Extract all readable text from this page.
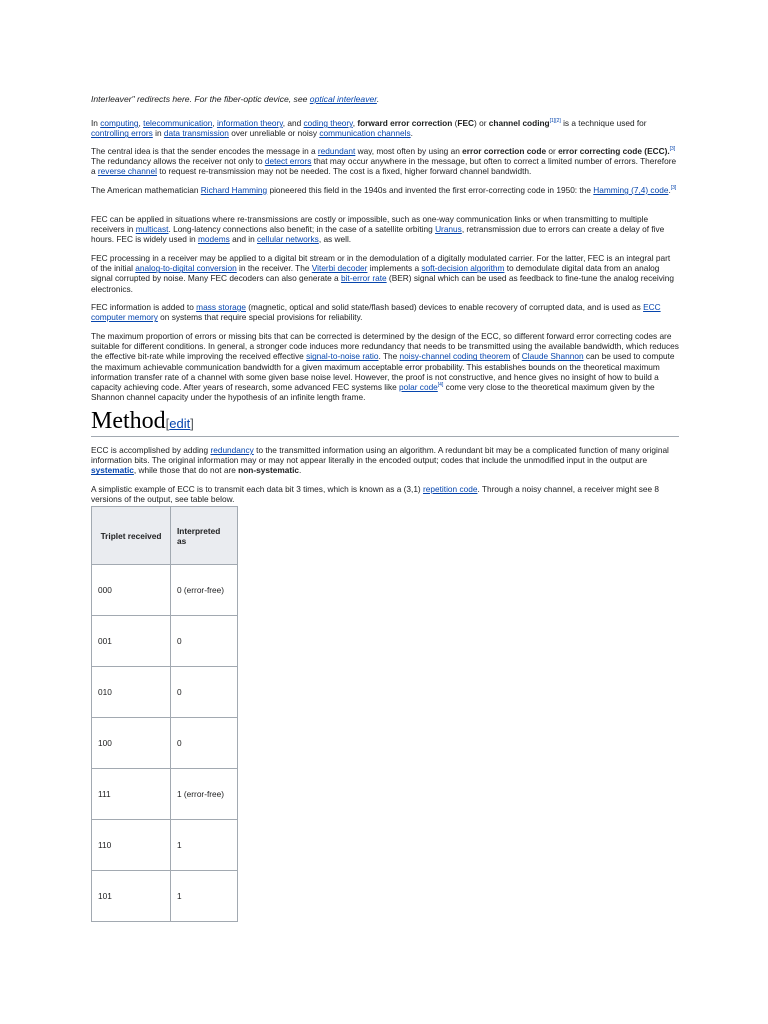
Interleaver" redirects here. For the fiber-optic device, see optical interleaver.

In computing, telecommunication, information theory, and coding theory, forward error correction (FEC) or channel coding[1][2] is a technique used for controlling errors in data transmission over unreliable or noisy communication channels.

The central idea is that the sender encodes the message in a redundant way, most often by using an error correction code or error correcting code (ECC).[3] The redundancy allows the receiver not only to detect errors that may occur anywhere in the message, but often to correct a limited number of errors. Therefore a reverse channel to request re-transmission may not be needed. The cost is a fixed, higher forward channel bandwidth.

The American mathematician Richard Hamming pioneered this field in the 1940s and invented the first error-correcting code in 1950: the Hamming (7,4) code.[3]

FEC can be applied in situations where re-transmissions are costly or impossible, such as one-way communication links or when transmitting to multiple receivers in multicast. Long-latency connections also benefit; in the case of a satellite orbiting Uranus, retransmission due to errors can create a delay of five hours. FEC is widely used in modems and in cellular networks, as well.

FEC processing in a receiver may be applied to a digital bit stream or in the demodulation of a digitally modulated carrier. For the latter, FEC is an integral part of the initial analog-to-digital conversion in the receiver. The Viterbi decoder implements a soft-decision algorithm to demodulate digital data from an analog signal corrupted by noise. Many FEC decoders can also generate a bit-error rate (BER) signal which can be used as feedback to fine-tune the analog receiving electronics.

FEC information is added to mass storage (magnetic, optical and solid state/flash based) devices to enable recovery of corrupted data, and is used as ECC computer memory on systems that require special provisions for reliability.

The maximum proportion of errors or missing bits that can be corrected is determined by the design of the ECC, so different forward error correcting codes are suitable for different conditions. In general, a stronger code induces more redundancy that needs to be transmitted using the available bandwidth, which reduces the effective bit-rate while improving the received effective signal-to-noise ratio. The noisy-channel coding theorem of Claude Shannon can be used to compute the maximum achievable communication bandwidth for a given maximum acceptable error probability. This establishes bounds on the theoretical maximum information transfer rate of a channel with some given base noise level. However, the proof is not constructive, and hence gives no insight of how to build a capacity achieving code. After years of research, some advanced FEC systems like polar code[4] come very close to the theoretical maximum given by the Shannon channel capacity under the hypothesis of an infinite length frame.

Method[edit]

ECC is accomplished by adding redundancy to the transmitted information using an algorithm. A redundant bit may be a complicated function of many original information bits. The original information may or may not appear literally in the encoded output; codes that include the unmodified input in the output are systematic, while those that do not are non-systematic.

A simplistic example of ECC is to transmit each data bit 3 times, which is known as a (3,1) repetition code. Through a noisy channel, a receiver might see 8 versions of the output, see table below.

Triplet received	Interpreted as
000	0 (error-free)
001	0
010	0
100	0
111	1 (error-free)
110	1
101	1
